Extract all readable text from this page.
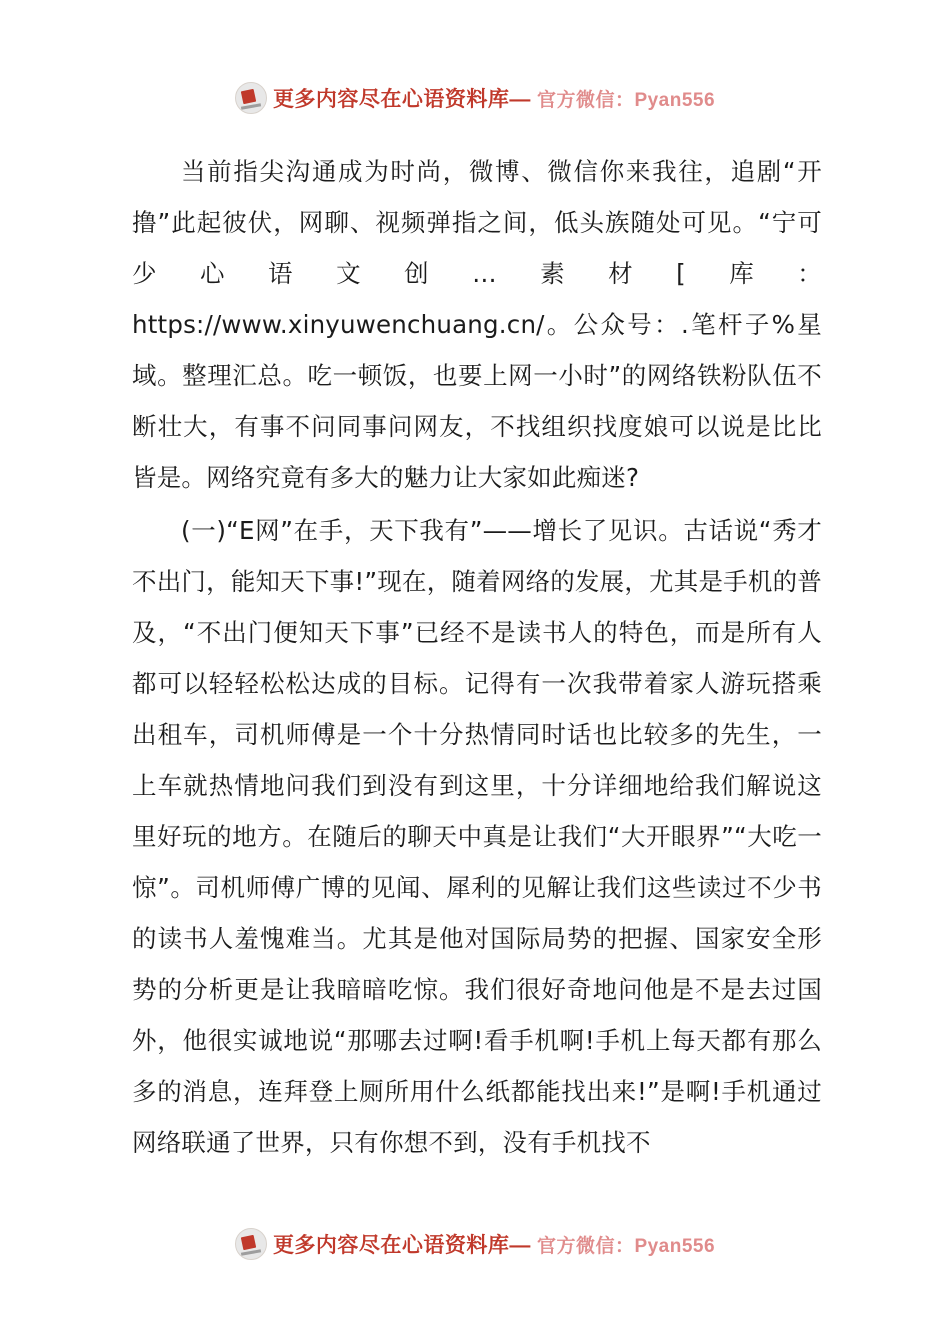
更多内容尽在心语资料库— 官方微信：Pyan556

当前指尖沟通成为时尚，微博、微信你来我往，追剧“开撸”此起彼伏，网聊、视频弹指之间，低头族随处可见。“宁可少心语文创…素材[库：https://www.xinyuwenchuang.cn/。公众号：.笔杆子%星域。整理汇总。吃一顿饭，也要上网一小时”的网络铁粉队伍不断壮大，有事不问同事问网友，不找组织找度娘可以说是比比皆是。网络究竟有多大的魅力让大家如此痴迷?

(一)“E网”在手，天下我有”——增长了见识。古话说“秀才不出门，能知天下事!”现在，随着网络的发展，尤其是手机的普及，“不出门便知天下事”已经不是读书人的特色，而是所有人都可以轻轻松松达成的目标。记得有一次我带着家人游玩搭乘出租车，司机师傅是一个十分热情同时话也比较多的先生，一上车就热情地问我们到没有到这里，十分详细地给我们解说这里好玩的地方。在随后的聊天中真是让我们“大开眼界”“大吃一惊”。司机师傅广博的见闻、犀利的见解让我们这些读过不少书的读书人羞愧难当。尤其是他对国际局势的把握、国家安全形势的分析更是让我暗暗吃惊。我们很好奇地问他是不是去过国外，他很实诚地说“那哪去过啊!看手机啊!手机上每天都有那么多的消息，连拜登上厕所用什么纸都能找出来!”是啊!手机通过网络联通了世界，只有你想不到，没有手机找不

更多内容尽在心语资料库— 官方微信：Pyan556
